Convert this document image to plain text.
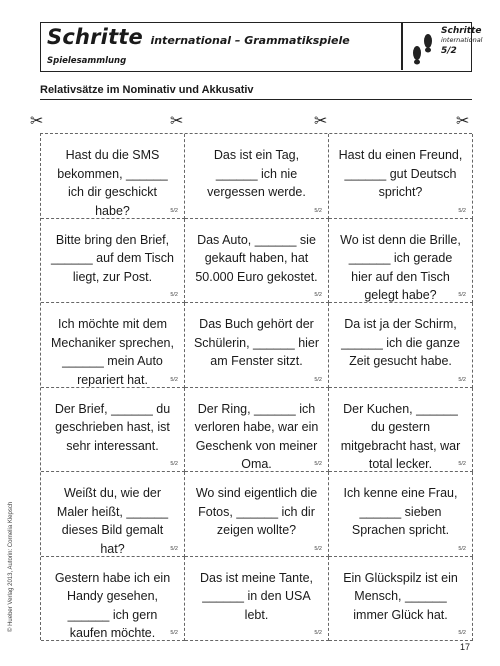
Schritte international – Grammatikspiele
Spielesammlung
Schritte
international
5/2
Relativsätze im Nominativ und Akkusativ
✂	✂	✂	✂
Hast du die SMS bekommen, ______ ich dir geschickt habe?	5/2
Das ist ein Tag, ______ ich nie vergessen werde.
5/2
Hast du einen Freund, ______ gut Deutsch spricht?
5/2
Bitte bring den Brief, ______ auf dem Tisch liegt, zur Post.
5/2
Das Auto, ______ sie gekauft haben, hat 50.000 Euro gekostet.
5/2
Wo ist denn die Brille, ______ ich gerade hier auf den Tisch gelegt habe?	5/2
Ich möchte mit dem Mechaniker sprechen, ______ mein Auto repariert hat.	5/2
Das Buch gehört der Schülerin, ______ hier am Fenster sitzt.
5/2
Da ist ja der Schirm, ______ ich die ganze Zeit gesucht habe.
5/2
Der Brief, ______ du geschrieben hast, ist sehr interessant.
5/2
Der Ring, ______ ich verloren habe, war ein Geschenk von meiner Oma.	5/2
Der Kuchen, ______ du gestern mitgebracht hast, war total lecker.	5/2
Weißt du, wie der Maler heißt, ______ dieses Bild gemalt hat?	5/2
Wo sind eigentlich die Fotos, ______ ich dir zeigen wollte?
5/2
Ich kenne eine Frau, ______ sieben Sprachen spricht.
5/2
Gestern habe ich ein Handy gesehen, ______ ich gern kaufen möchte.	5/2
Das ist meine Tante, ______ in den USA lebt.
5/2
Ein Glückspilz ist ein Mensch, ______ immer Glück hat.
5/2
© Hueber Verlag 2013, Autorin: Cornelia Klepsch
17
